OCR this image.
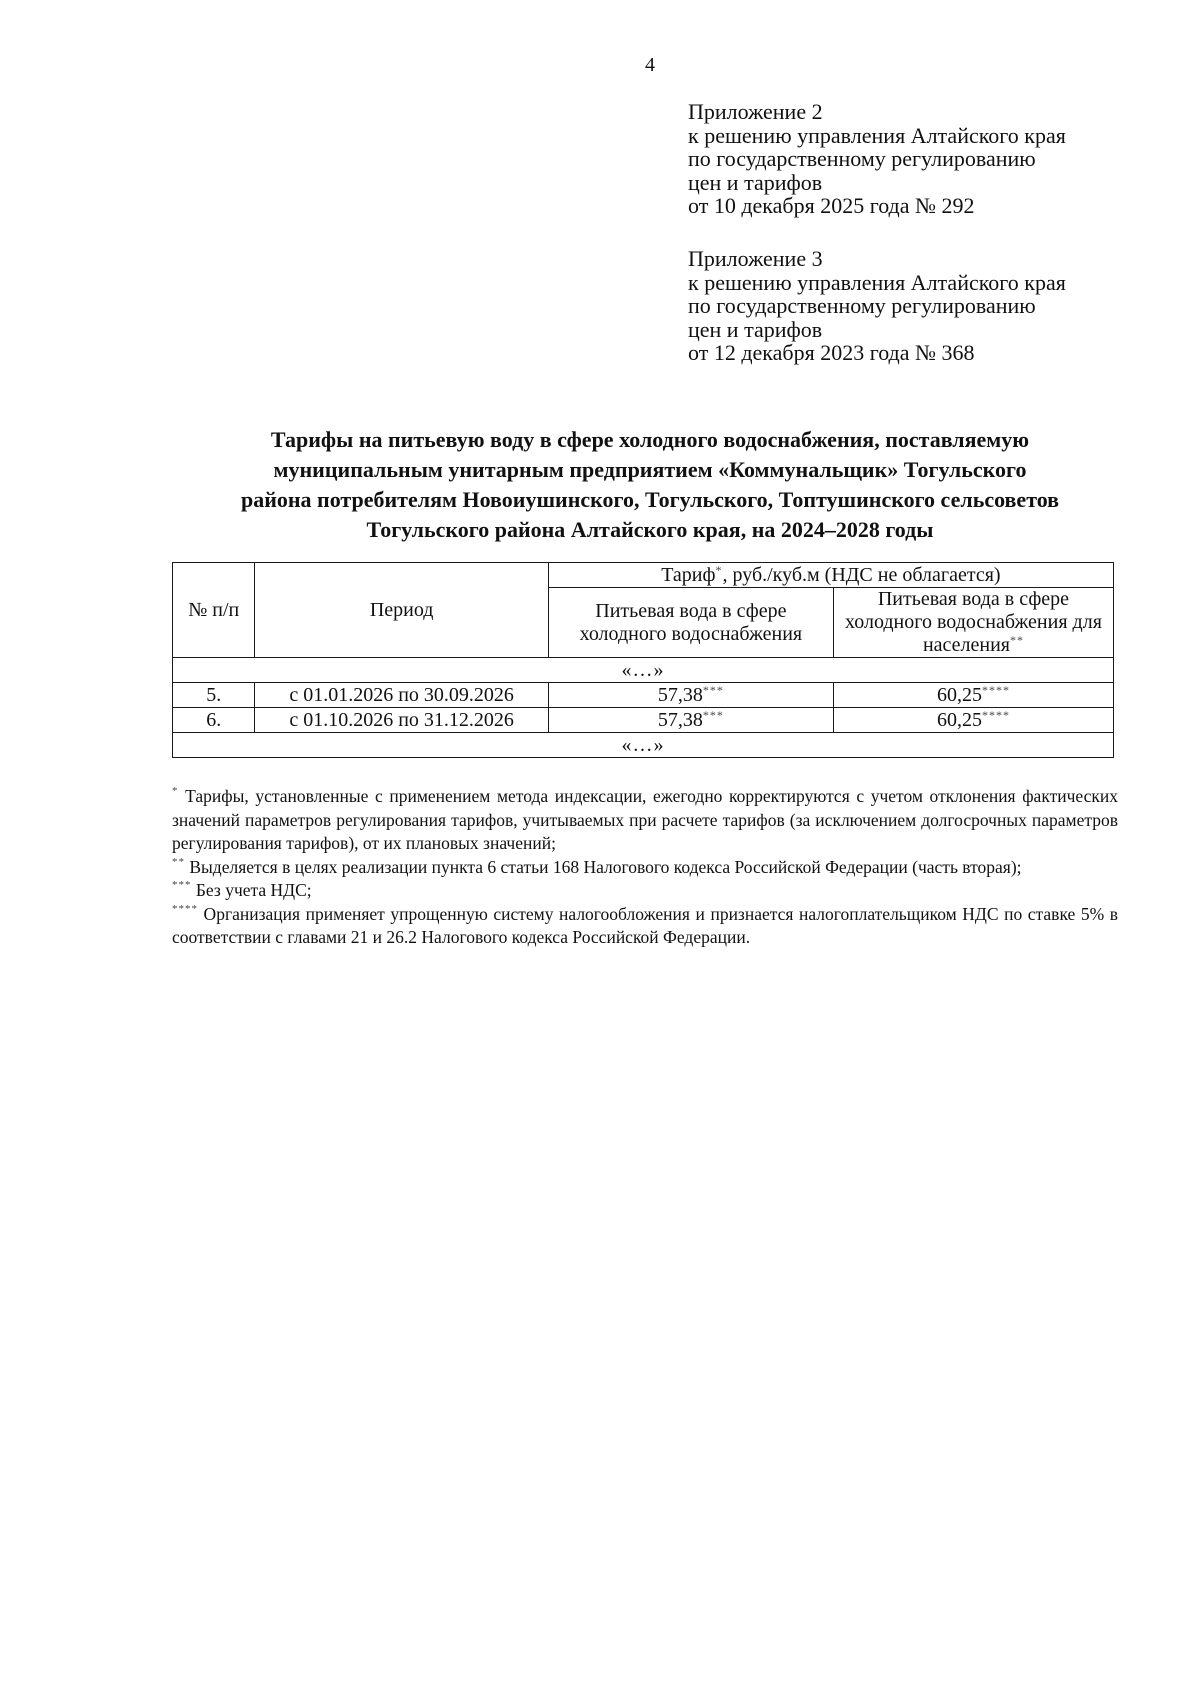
4
Приложение 2
к решению управления Алтайского края
по государственному регулированию
цен и тарифов
от 10 декабря 2025 года № 292
Приложение 3
к решению управления Алтайского края
по государственному регулированию
цен и тарифов
от 12 декабря 2023 года № 368
Тарифы на питьевую воду в сфере холодного водоснабжения, поставляемую
муниципальным унитарным предприятием «Коммунальщик» Тогульского
района потребителям Новоиушинского, Тогульского, Топтушинского сельсоветов
Тогульского района Алтайского края, на 2024–2028 годы
№ п/п	Период	Тариф*, руб./куб.м (НДС не облагается)	
		Питьевая вода в сфере холодного водоснабжения	Питьевая вода в сфере холодного водоснабжения для населения**
«…»			
5.	с 01.01.2026 по 30.09.2026	57,38***	60,25****
6.	с 01.10.2026 по 31.12.2026	57,38***	60,25****
«…»			

* Тарифы, установленные с применением метода индексации, ежегодно корректируются с учетом отклонения фактических значений параметров регулирования тарифов, учитываемых при расчете тарифов (за исключением долгосрочных параметров регулирования тарифов), от их плановых значений;

** Выделяется в целях реализации пункта 6 статьи 168 Налогового кодекса Российской Федерации (часть вторая);

*** Без учета НДС;

**** Организация применяет упрощенную систему налогообложения и признается налогоплательщиком НДС по ставке 5% в соответствии с главами 21 и 26.2 Налогового кодекса Российской Федерации.
